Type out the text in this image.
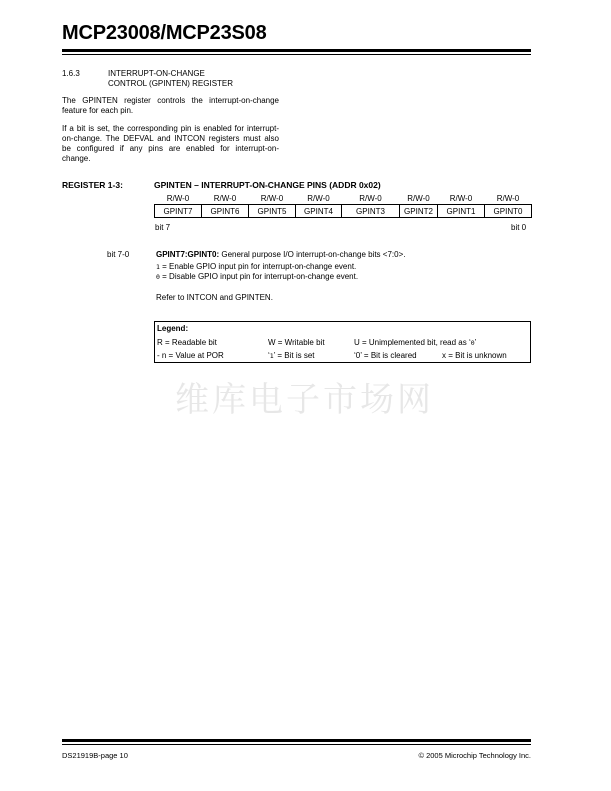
MCP23008/MCP23S08
1.6.3	INTERRUPT-ON-CHANGE
CONTROL (GPINTEN) REGISTER
The GPINTEN register controls the interrupt-on-change feature for each pin.
If a bit is set, the corresponding pin is enabled for interrupt-on-change. The DEFVAL and INTCON registers must also be configured if any pins are enabled for interrupt-on-change.
REGISTER 1-3:	GPINTEN – INTERRUPT-ON-CHANGE PINS (ADDR 0x02)
R/W-0	R/W-0	R/W-0	R/W-0	R/W-0	R/W-0	R/W-0	R/W-0
GPINT7	GPINT6	GPINT5	GPINT4	GPINT3	GPINT2	GPINT1	GPINT0
bit 7	bit 0
bit 7-0	GPINT7:GPINT0: General purpose I/O interrupt-on-change bits <7:0>.
1 = Enable GPIO input pin for interrupt-on-change event.
0 = Disable GPIO input pin for interrupt-on-change event.
Refer to INTCON and GPINTEN.
Legend:
R = Readable bit	W = Writable bit	U = Unimplemented bit, read as ‘0’
- n = Value at POR	‘1’ = Bit is set	‘0’ = Bit is cleared	x = Bit is unknown
维库电子市场网
DS21919B-page 10	© 2005 Microchip Technology Inc.
